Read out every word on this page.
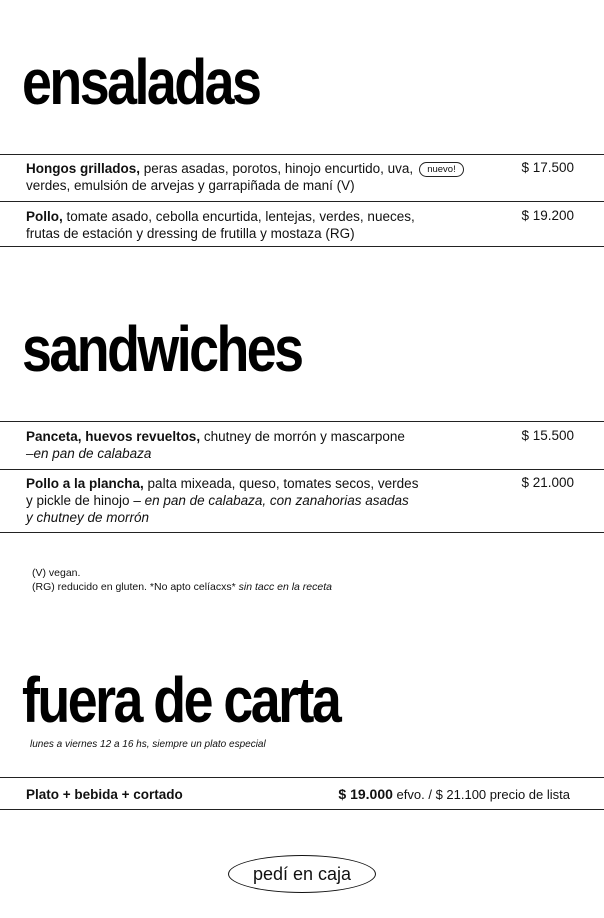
ensaladas
Hongos grillados, peras asadas, porotos, hinojo encurtido, uva, nuevo!
verdes, emulsión de arvejas y garrapiñada de maní (V)
$ 17.500
Pollo, tomate asado, cebolla encurtida, lentejas, verdes, nueces,
frutas de estación y dressing de frutilla y mostaza (RG)
$ 19.200
sandwiches
Panceta, huevos revueltos, chutney de morrón y mascarpone
–en pan de calabaza
$ 15.500
Pollo a la plancha, palta mixeada, queso, tomates secos, verdes
y pickle de hinojo – en pan de calabaza, con zanahorias asadas
y chutney de morrón
$ 21.000
(V) vegan.
(RG) reducido en gluten. *No apto celíacxs* sin tacc en la receta
fuera de carta
lunes a viernes 12 a 16 hs, siempre un plato especial
Plato + bebida + cortado	$ 19.000 efvo. / $ 21.100 precio de lista
pedí en caja
